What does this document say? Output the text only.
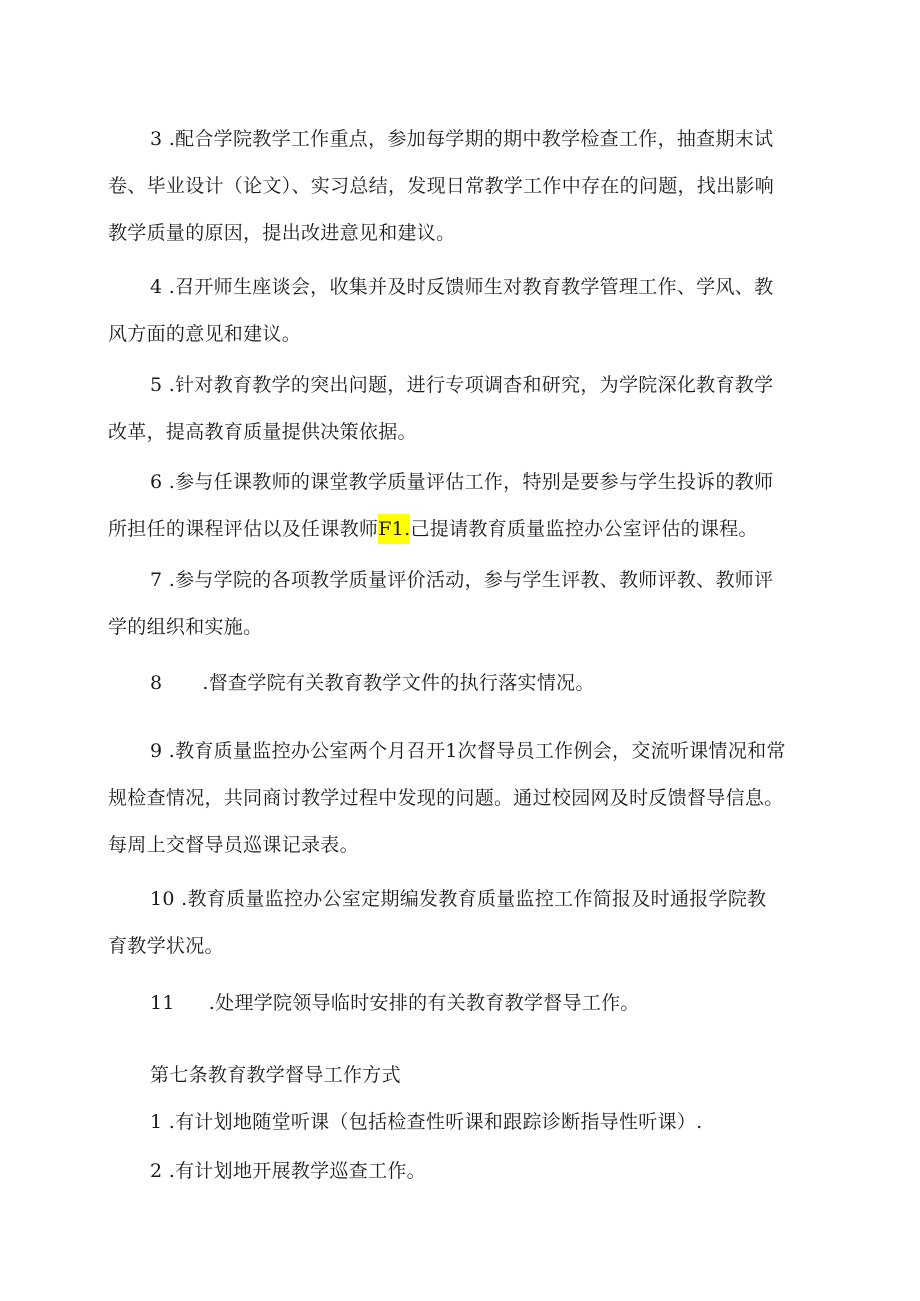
3 .配合学院教学工作重点，参加每学期的期中教学检查工作，抽查期末试
卷、毕业设计（论文）、实习总结，发现日常教学工作中存在的问题，找出影响
教学质量的原因，提出改进意见和建议。

4 .召开师生座谈会，收集并及时反馈师生对教育教学管理工作、学风、教
风方面的意见和建议。

5 .针对教育教学的突出问题，进行专项调杳和研究，为学院深化教育教学
改革，提高教育质量提供决策依据。

6 .参与任课教师的课堂教学质量评估工作，特别是要参与学生投诉的教师
所担任的课程评估以及任课教师F1.己提请教育质量监控办公室评估的课程。

7 .参与学院的各项教学质量评价活动，参与学生评教、教师评教、教师评
学的组织和实施。

8 .督查学院有关教育教学文件的执行落实情况。

9 .教育质量监控办公室两个月召开1次督导员工作例会，交流听课情况和常
规检查情况，共同商讨教学过程中发现的问题。通过校园网及时反馈督导信息。
每周上交督导员巡课记录表。

10 .教育质量监控办公室定期编发教育质量监控工作简报及时通报学院教
育教学状况。

11 .处理学院领导临时安排的有关教育教学督导工作。

第七条教育教学督导工作方式

1 .有计划地随堂听课（包括检查性听课和跟踪诊断指导性听课）.

2 .有计划地开展教学巡查工作。
